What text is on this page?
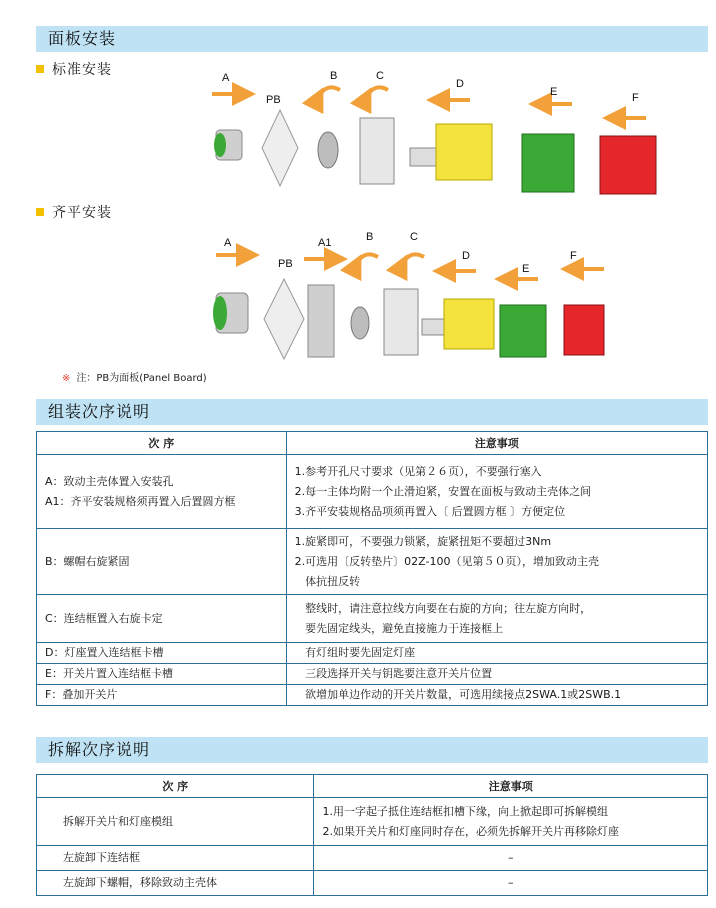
面板安装
标准安装	A
PB
B	C
D
E	F
齐平安装
A
PB
A1	B	C
D
E
F
※ 注：PB为面板(Panel Board)
组装次序说明
次 序	注意事项

A：致动主壳体置入安装孔
A1：齐平安装规格须再置入后置圆方框	1.参考开孔尺寸要求（见第２６页），不要强行塞入
2.每一主体均附一个止滑迫紧，安置在面板与致动主壳体之间
3.齐平安装规格品项须再置入〔 后置圆方框 〕方便定位

B：螺帽右旋紧固	1.旋紧即可，不要强力锁紧，旋紧扭矩不要超过3Nm
2.可选用〔反转垫片〕02Z-100（见第５０页），增加致动主壳
体抗扭反转

C：连结框置入右旋卡定	整线时，请注意拉线方向要在右旋的方向；往左旋方向时，
要先固定线头，避免直接施力于连接框上

D：灯座置入连结框卡槽	有灯组时要先固定灯座

E：开关片置入连结框卡槽	三段选择开关与钥匙要注意开关片位置

F：叠加开关片	欲增加单边作动的开关片数量，可选用续接点2SWA.1或2SWB.1
拆解次序说明
次 序	注意事项

拆解开关片和灯座模组	1.用一字起子抵住连结框扣槽下缘，向上掀起即可拆解模组
2.如果开关片和灯座同时存在，必须先拆解开关片再移除灯座

左旋卸下连结框	–

左旋卸下螺帽，移除致动主壳体	–
